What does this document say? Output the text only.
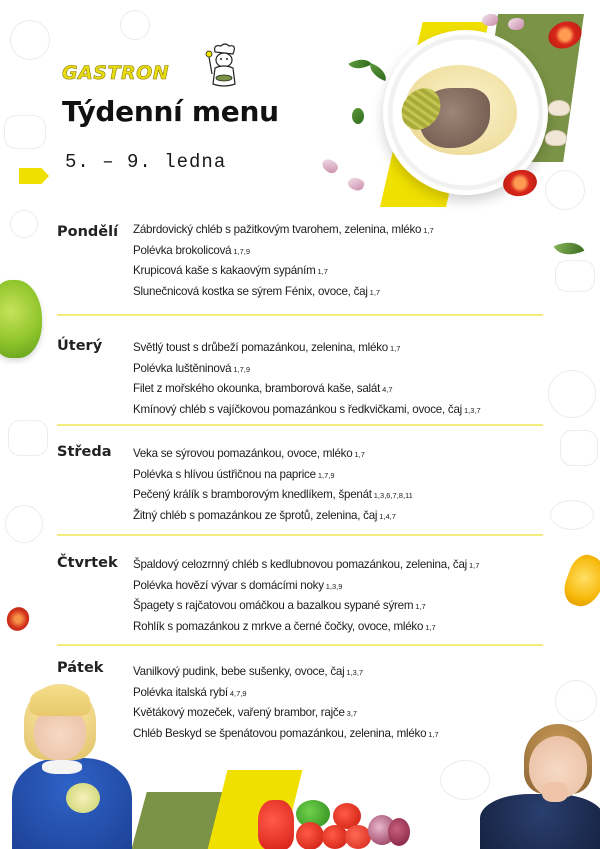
GASTRON
Týdenní menu
5. – 9. ledna
Pondělí Zábrdovický chléb s pažitkovým tvarohem, zelenina, mléko 1,7
Polévka brokolicová 1,7,9
Krupicová kaše s kakaovým sypáním 1,7
Slunečnicová kostka se sýrem Fénix, ovoce, čaj 1,7
Úterý	Světlý toust s drůbeží pomazánkou, zelenina, mléko 1,7
Polévka luštěninová 1,7,9
Filet z mořského okounka, bramborová kaše, salát 4,7
Kmínový chléb s vajíčkovou pomazánkou s ředkvičkami, ovoce, čaj 1,3,7
Středa Veka se sýrovou pomazánkou, ovoce, mléko 1,7
Polévka s hlívou ústřičnou na paprice 1,7,9
Pečený králík s bramborovým knedlíkem, špenát 1,3,6,7,8,11
Žitný chléb s pomazánkou ze šprotů, zelenina, čaj 1,4,7
Čtvrtek Špaldový celozrnný chléb s kedlubnovou pomazánkou, zelenina, čaj 1,7
Polévka hovězí vývar s domácími noky 1,3,9
Špagety s rajčatovou omáčkou a bazalkou sypané sýrem 1,7
Rohlík s pomazánkou z mrkve a černé čočky, ovoce, mléko 1,7
Pátek	Vanilkový pudink, bebe sušenky, ovoce, čaj 1,3,7
Polévka italská rybí 4,7,9
Květákový mozeček, vařený brambor, rajče 3,7
Chléb Beskyd se špenátovou pomazánkou, zelenina, mléko 1,7
